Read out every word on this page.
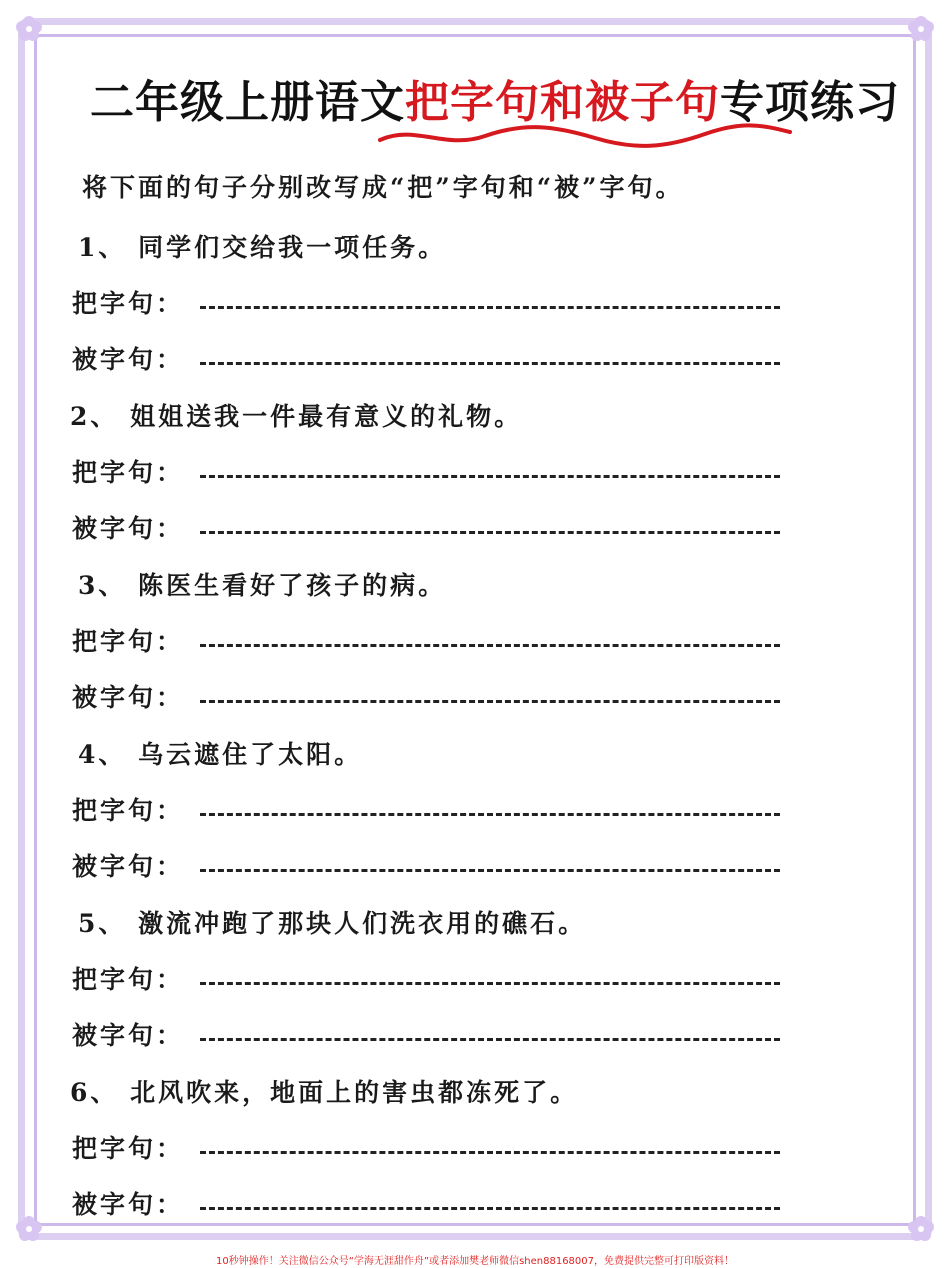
二年级上册语文把字句和被子句专项练习
将下面的句子分别改写成“把”字句和“被”字句。
1、 同学们交给我一项任务。
把字句：
被字句：
2、 姐姐送我一件最有意义的礼物。
把字句：
被字句：
3、 陈医生看好了孩子的病。
把字句：
被字句：
4、 乌云遮住了太阳。
把字句：
被字句：
5、 激流冲跑了那块人们洗衣用的礁石。
把字句：
被字句：
6、 北风吹来，地面上的害虫都冻死了。
把字句：
被字句：
10秒钟操作！关注微信公众号“学海无涯甜作舟”或者添加樊老师微信shen88168007，免费提供完整可打印版资料！
